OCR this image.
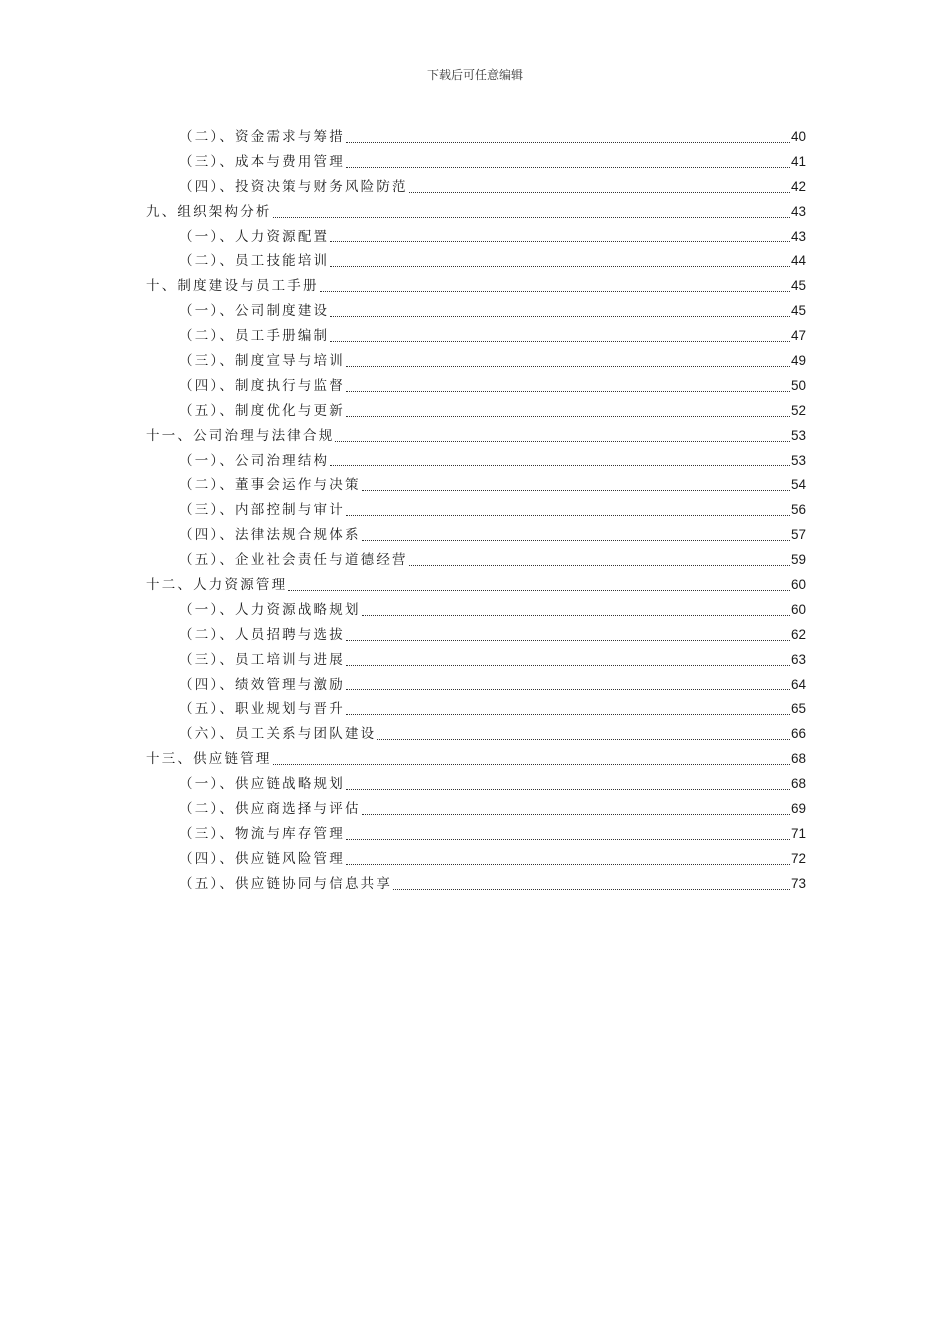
下载后可任意编辑
（二）、资金需求与筹措	40
（三）、成本与费用管理	41
（四）、投资决策与财务风险防范	42
九、组织架构分析	43
（一）、人力资源配置	43
（二）、员工技能培训	44
十、制度建设与员工手册	45
（一）、公司制度建设	45
（二）、员工手册编制	47
（三）、制度宣导与培训	49
（四）、制度执行与监督	50
（五）、制度优化与更新	52
十一、公司治理与法律合规	53
（一）、公司治理结构	53
（二）、董事会运作与决策	54
（三）、内部控制与审计	56
（四）、法律法规合规体系	57
（五）、企业社会责任与道德经营	59
十二、人力资源管理	60
（一）、人力资源战略规划	60
（二）、人员招聘与选拔	62
（三）、员工培训与进展	63
（四）、绩效管理与激励	64
（五）、职业规划与晋升	65
（六）、员工关系与团队建设	66
十三、供应链管理	68
（一）、供应链战略规划	68
（二）、供应商选择与评估	69
（三）、物流与库存管理	71
（四）、供应链风险管理	72
（五）、供应链协同与信息共享	73
